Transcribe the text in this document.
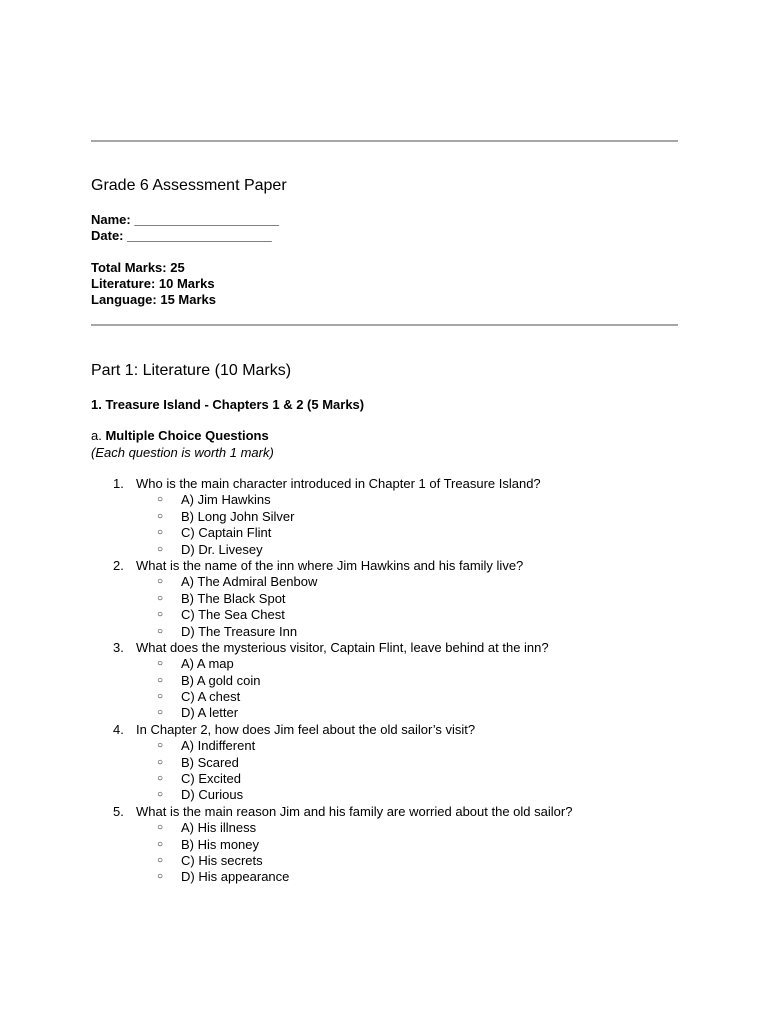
Grade 6 Assessment Paper
Name: ____________________
Date: ____________________
Total Marks: 25
Literature: 10 Marks
Language: 15 Marks
Part 1: Literature (10 Marks)
1. Treasure Island - Chapters 1 & 2 (5 Marks)
a. Multiple Choice Questions
(Each question is worth 1 mark)
1. Who is the main character introduced in Chapter 1 of Treasure Island?
○ A) Jim Hawkins
○ B) Long John Silver
○ C) Captain Flint
○ D) Dr. Livesey
2. What is the name of the inn where Jim Hawkins and his family live?
○ A) The Admiral Benbow
○ B) The Black Spot
○ C) The Sea Chest
○ D) The Treasure Inn
3. What does the mysterious visitor, Captain Flint, leave behind at the inn?
○ A) A map
○ B) A gold coin
○ C) A chest
○ D) A letter
4. In Chapter 2, how does Jim feel about the old sailor’s visit?
○ A) Indifferent
○ B) Scared
○ C) Excited
○ D) Curious
5. What is the main reason Jim and his family are worried about the old sailor?
○ A) His illness
○ B) His money
○ C) His secrets
○ D) His appearance
